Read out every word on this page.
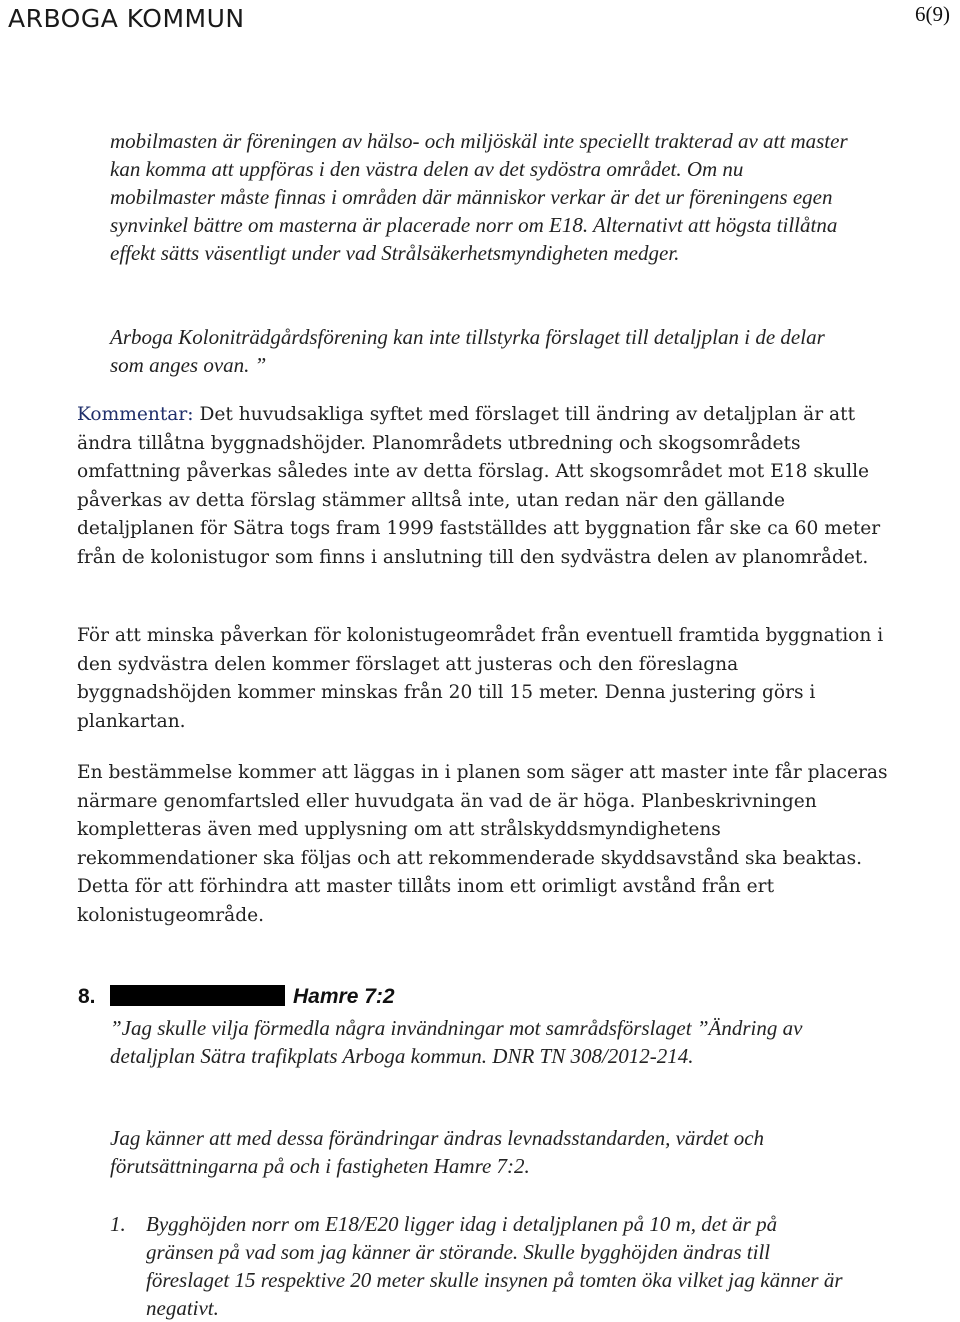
ARBOGA KOMMUN	6(9)

mobilmasten är föreningen av hälso- och miljöskäl inte speciellt trakterad av att master kan komma att uppföras i den västra delen av det sydöstra området. Om nu mobilmaster måste finnas i områden där människor verkar är det ur föreningens egen synvinkel bättre om masterna är placerade norr om E18. Alternativt att högsta tillåtna effekt sätts väsentligt under vad Strålsäkerhetsmyndigheten medger.

Arboga Koloniträdgårdsförening kan inte tillstyrka förslaget till detaljplan i de delar som anges ovan. ”

Kommentar: Det huvudsakliga syftet med förslaget till ändring av detaljplan är att ändra tillåtna byggnadshöjder. Planområdets utbredning och skogsområdets omfattning påverkas således inte av detta förslag. Att skogsområdet mot E18 skulle påverkas av detta förslag stämmer alltså inte, utan redan när den gällande detaljplanen för Sätra togs fram 1999 fastställdes att byggnation får ske ca 60 meter från de kolonistugor som finns i anslutning till den sydvästra delen av planområdet.

För att minska påverkan för kolonistugeområdet från eventuell framtida byggnation i den sydvästra delen kommer förslaget att justeras och den föreslagna byggnadshöjden kommer minskas från 20 till 15 meter. Denna justering görs i plankartan.

En bestämmelse kommer att läggas in i planen som säger att master inte får placeras närmare genomfartsled eller huvudgata än vad de är höga. Planbeskrivningen kompletteras även med upplysning om att strålskyddsmyndighetens rekommendationer ska följas och att rekommenderade skyddsavstånd ska beaktas. Detta för att förhindra att master tillåts inom ett orimligt avstånd från ert kolonistugeområde.

8.	Hamre 7:2

”Jag skulle vilja förmedla några invändningar mot samrådsförslaget ”Ändring av detaljplan Sätra trafikplats Arboga kommun. DNR TN 308/2012-214.

Jag känner att med dessa förändringar ändras levnadsstandarden, värdet och förutsättningarna på och i fastigheten Hamre 7:2.

1. Bygghöjden norr om E18/E20 ligger idag i detaljplanen på 10 m, det är på gränsen på vad som jag känner är störande. Skulle bygghöjden ändras till föreslaget 15 respektive 20 meter skulle insynen på tomten öka vilket jag känner är negativt.
